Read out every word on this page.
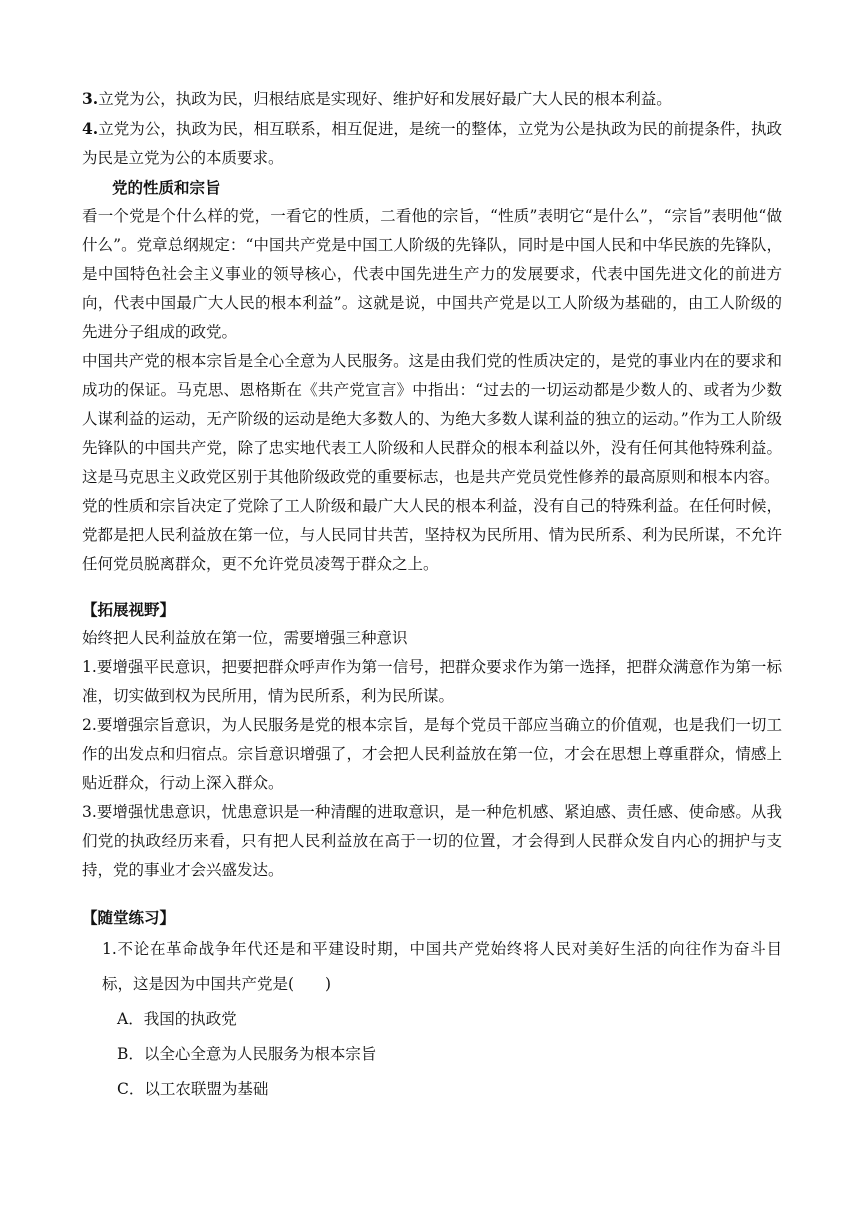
3.立党为公，执政为民，归根结底是实现好、维护好和发展好最广大人民的根本利益。

4.立党为公，执政为民，相互联系，相互促进，是统一的整体，立党为公是执政为民的前提条件，执政为民是立党为公的本质要求。

党的性质和宗旨

看一个党是个什么样的党，一看它的性质，二看他的宗旨，“性质”表明它“是什么”，“宗旨”表明他“做什么”。党章总纲规定：“中国共产党是中国工人阶级的先锋队，同时是中国人民和中华民族的先锋队，是中国特色社会主义事业的领导核心，代表中国先进生产力的发展要求，代表中国先进文化的前进方向，代表中国最广大人民的根本利益”。这就是说，中国共产党是以工人阶级为基础的，由工人阶级的先进分子组成的政党。

中国共产党的根本宗旨是全心全意为人民服务。这是由我们党的性质决定的，是党的事业内在的要求和成功的保证。马克思、恩格斯在《共产党宣言》中指出：“过去的一切运动都是少数人的、或者为少数人谋利益的运动，无产阶级的运动是绝大多数人的、为绝大多数人谋利益的独立的运动。”作为工人阶级先锋队的中国共产党，除了忠实地代表工人阶级和人民群众的根本利益以外，没有任何其他特殊利益。这是马克思主义政党区别于其他阶级政党的重要标志，也是共产党员党性修养的最高原则和根本内容。

党的性质和宗旨决定了党除了工人阶级和最广大人民的根本利益，没有自己的特殊利益。在任何时候，党都是把人民利益放在第一位，与人民同甘共苦，坚持权为民所用、情为民所系、利为民所谋，不允许任何党员脱离群众，更不允许党员凌驾于群众之上。

【拓展视野】

始终把人民利益放在第一位，需要增强三种意识

1.要增强平民意识，把要把群众呼声作为第一信号，把群众要求作为第一选择，把群众满意作为第一标准，切实做到权为民所用，情为民所系，利为民所谋。

2.要增强宗旨意识，为人民服务是党的根本宗旨，是每个党员干部应当确立的价值观，也是我们一切工作的出发点和归宿点。宗旨意识增强了，才会把人民利益放在第一位，才会在思想上尊重群众，情感上贴近群众，行动上深入群众。

3.要增强忧患意识，忧患意识是一种清醒的进取意识，是一种危机感、紧迫感、责任感、使命感。从我们党的执政经历来看，只有把人民利益放在高于一切的位置，才会得到人民群众发自内心的拥护与支持，党的事业才会兴盛发达。

【随堂练习】

1.不论在革命战争年代还是和平建设时期，中国共产党始终将人民对美好生活的向往作为奋斗目标，这是因为中国共产党是(　　)

A．我国的执政党

B．以全心全意为人民服务为根本宗旨

C．以工农联盟为基础
